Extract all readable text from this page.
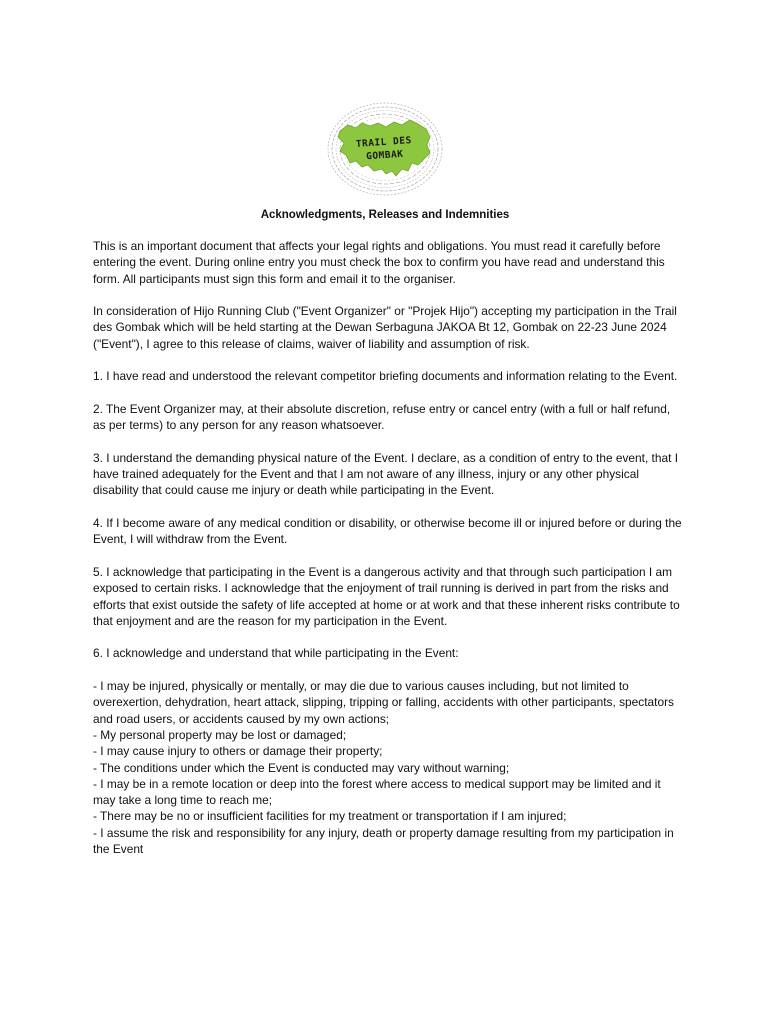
TRAIL DES
GOMBAK
Acknowledgments, Releases and Indemnities

This is an important document that affects your legal rights and obligations. You must read it carefully before entering the event. During online entry you must check the box to confirm you have read and understand this form. All participants must sign this form and email it to the organiser.

In consideration of Hijo Running Club ("Event Organizer" or "Projek Hijo") accepting my participation in the Trail des Gombak which will be held starting at the Dewan Serbaguna JAKOA Bt 12, Gombak on 22-23 June 2024 ("Event"), I agree to this release of claims, waiver of liability and assumption of risk.

1. I have read and understood the relevant competitor briefing documents and information relating to the Event.

2. The Event Organizer may, at their absolute discretion, refuse entry or cancel entry (with a full or half refund, as per terms) to any person for any reason whatsoever.

3. I understand the demanding physical nature of the Event. I declare, as a condition of entry to the event, that I have trained adequately for the Event and that I am not aware of any illness, injury or any other physical disability that could cause me injury or death while participating in the Event.

4. If I become aware of any medical condition or disability, or otherwise become ill or injured before or during the Event, I will withdraw from the Event.

5. I acknowledge that participating in the Event is a dangerous activity and that through such participation I am exposed to certain risks. I acknowledge that the enjoyment of trail running is derived in part from the risks and efforts that exist outside the safety of life accepted at home or at work and that these inherent risks contribute to that enjoyment and are the reason for my participation in the Event.

6. I acknowledge and understand that while participating in the Event:

- I may be injured, physically or mentally, or may die due to various causes including, but not limited to overexertion, dehydration, heart attack, slipping, tripping or falling, accidents with other participants, spectators and road users, or accidents caused by my own actions;
- My personal property may be lost or damaged;
- I may cause injury to others or damage their property;
- The conditions under which the Event is conducted may vary without warning;
- I may be in a remote location or deep into the forest where access to medical support may be limited and it may take a long time to reach me;
- There may be no or insufficient facilities for my treatment or transportation if I am injured;
- I assume the risk and responsibility for any injury, death or property damage resulting from my participation in the Event
